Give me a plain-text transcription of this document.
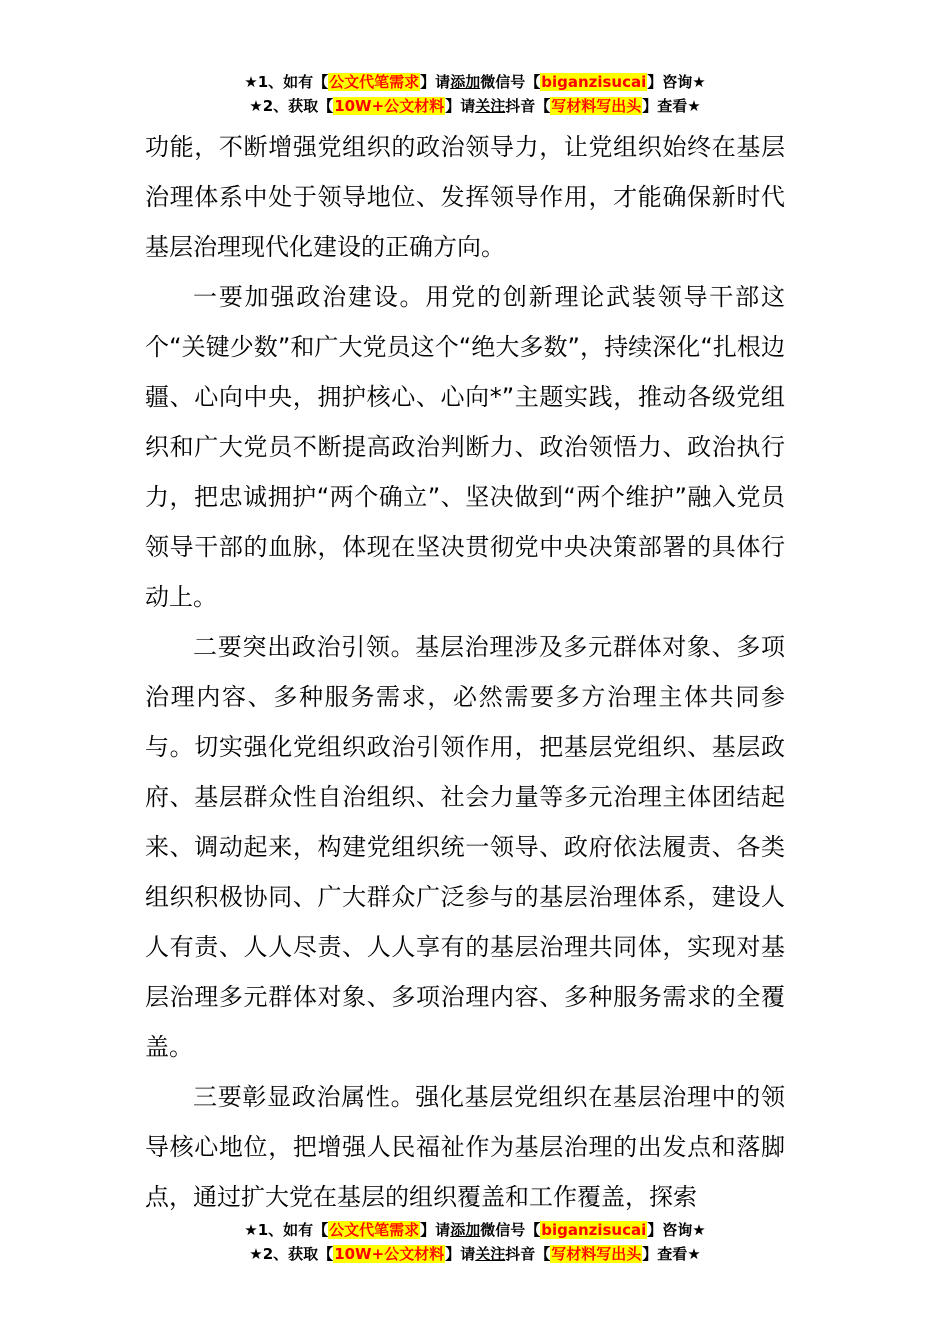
★1、如有【公文代笔需求】请添加微信号【biganzisucai】咨询★
★2、获取【10W+公文材料】请关注抖音【写材料写出头】查看★

功能，不断增强党组织的政治领导力，让党组织始终在基层治理体系中处于领导地位、发挥领导作用，才能确保新时代基层治理现代化建设的正确方向。

一要加强政治建设。用党的创新理论武装领导干部这个“关键少数”和广大党员这个“绝大多数”，持续深化“扎根边疆、心向中央，拥护核心、心向*”主题实践，推动各级党组织和广大党员不断提高政治判断力、政治领悟力、政治执行力，把忠诚拥护“两个确立”、坚决做到“两个维护”融入党员领导干部的血脉，体现在坚决贯彻党中央决策部署的具体行动上。

二要突出政治引领。基层治理涉及多元群体对象、多项治理内容、多种服务需求，必然需要多方治理主体共同参与。切实强化党组织政治引领作用，把基层党组织、基层政府、基层群众性自治组织、社会力量等多元治理主体团结起来、调动起来，构建党组织统一领导、政府依法履责、各类组织积极协同、广大群众广泛参与的基层治理体系，建设人人有责、人人尽责、人人享有的基层治理共同体，实现对基层治理多元群体对象、多项治理内容、多种服务需求的全覆盖。

三要彰显政治属性。强化基层党组织在基层治理中的领导核心地位，把增强人民福祉作为基层治理的出发点和落脚点，通过扩大党在基层的组织覆盖和工作覆盖，探索

★1、如有【公文代笔需求】请添加微信号【biganzisucai】咨询★
★2、获取【10W+公文材料】请关注抖音【写材料写出头】查看★
